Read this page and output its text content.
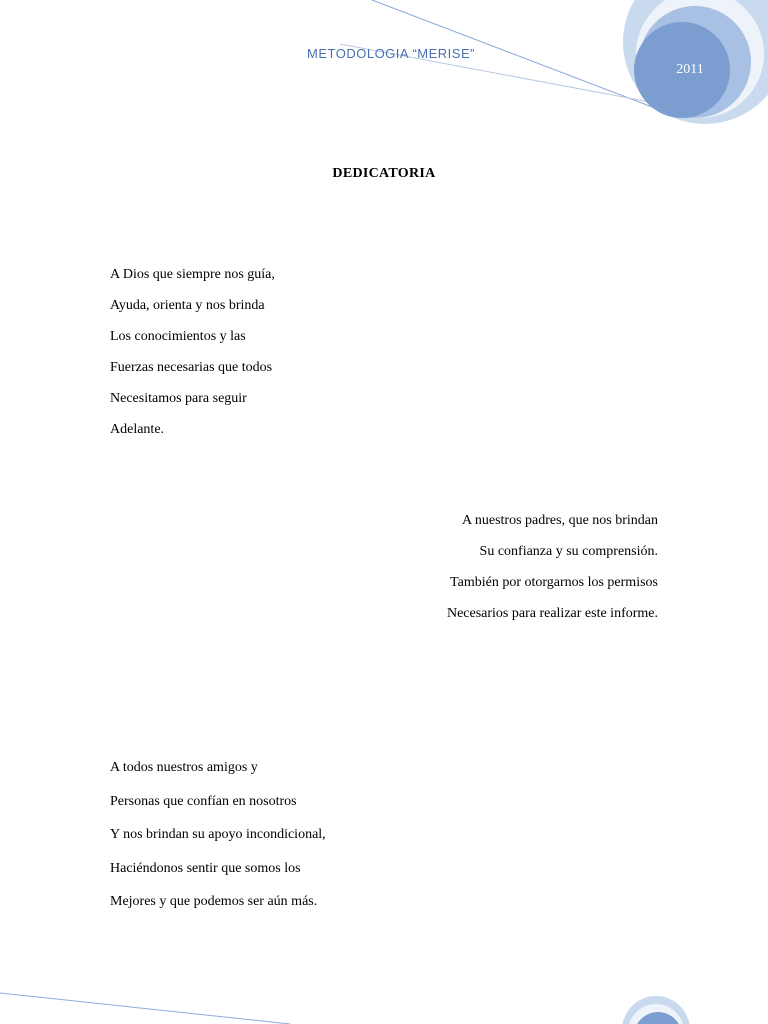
METODOLOGIA “MERISE”
2011
DEDICATORIA
A Dios que siempre nos guía,
Ayuda, orienta y nos brinda
Los conocimientos y las
Fuerzas necesarias que todos
Necesitamos para seguir
Adelante.
A nuestros padres, que nos brindan
Su confianza y su comprensión.
También por otorgarnos los permisos
Necesarios para realizar este informe.
A todos nuestros amigos y
Personas que confían en nosotros
Y nos brindan su apoyo incondicional,
Haciéndonos sentir que somos los
Mejores y que podemos ser aún más.
